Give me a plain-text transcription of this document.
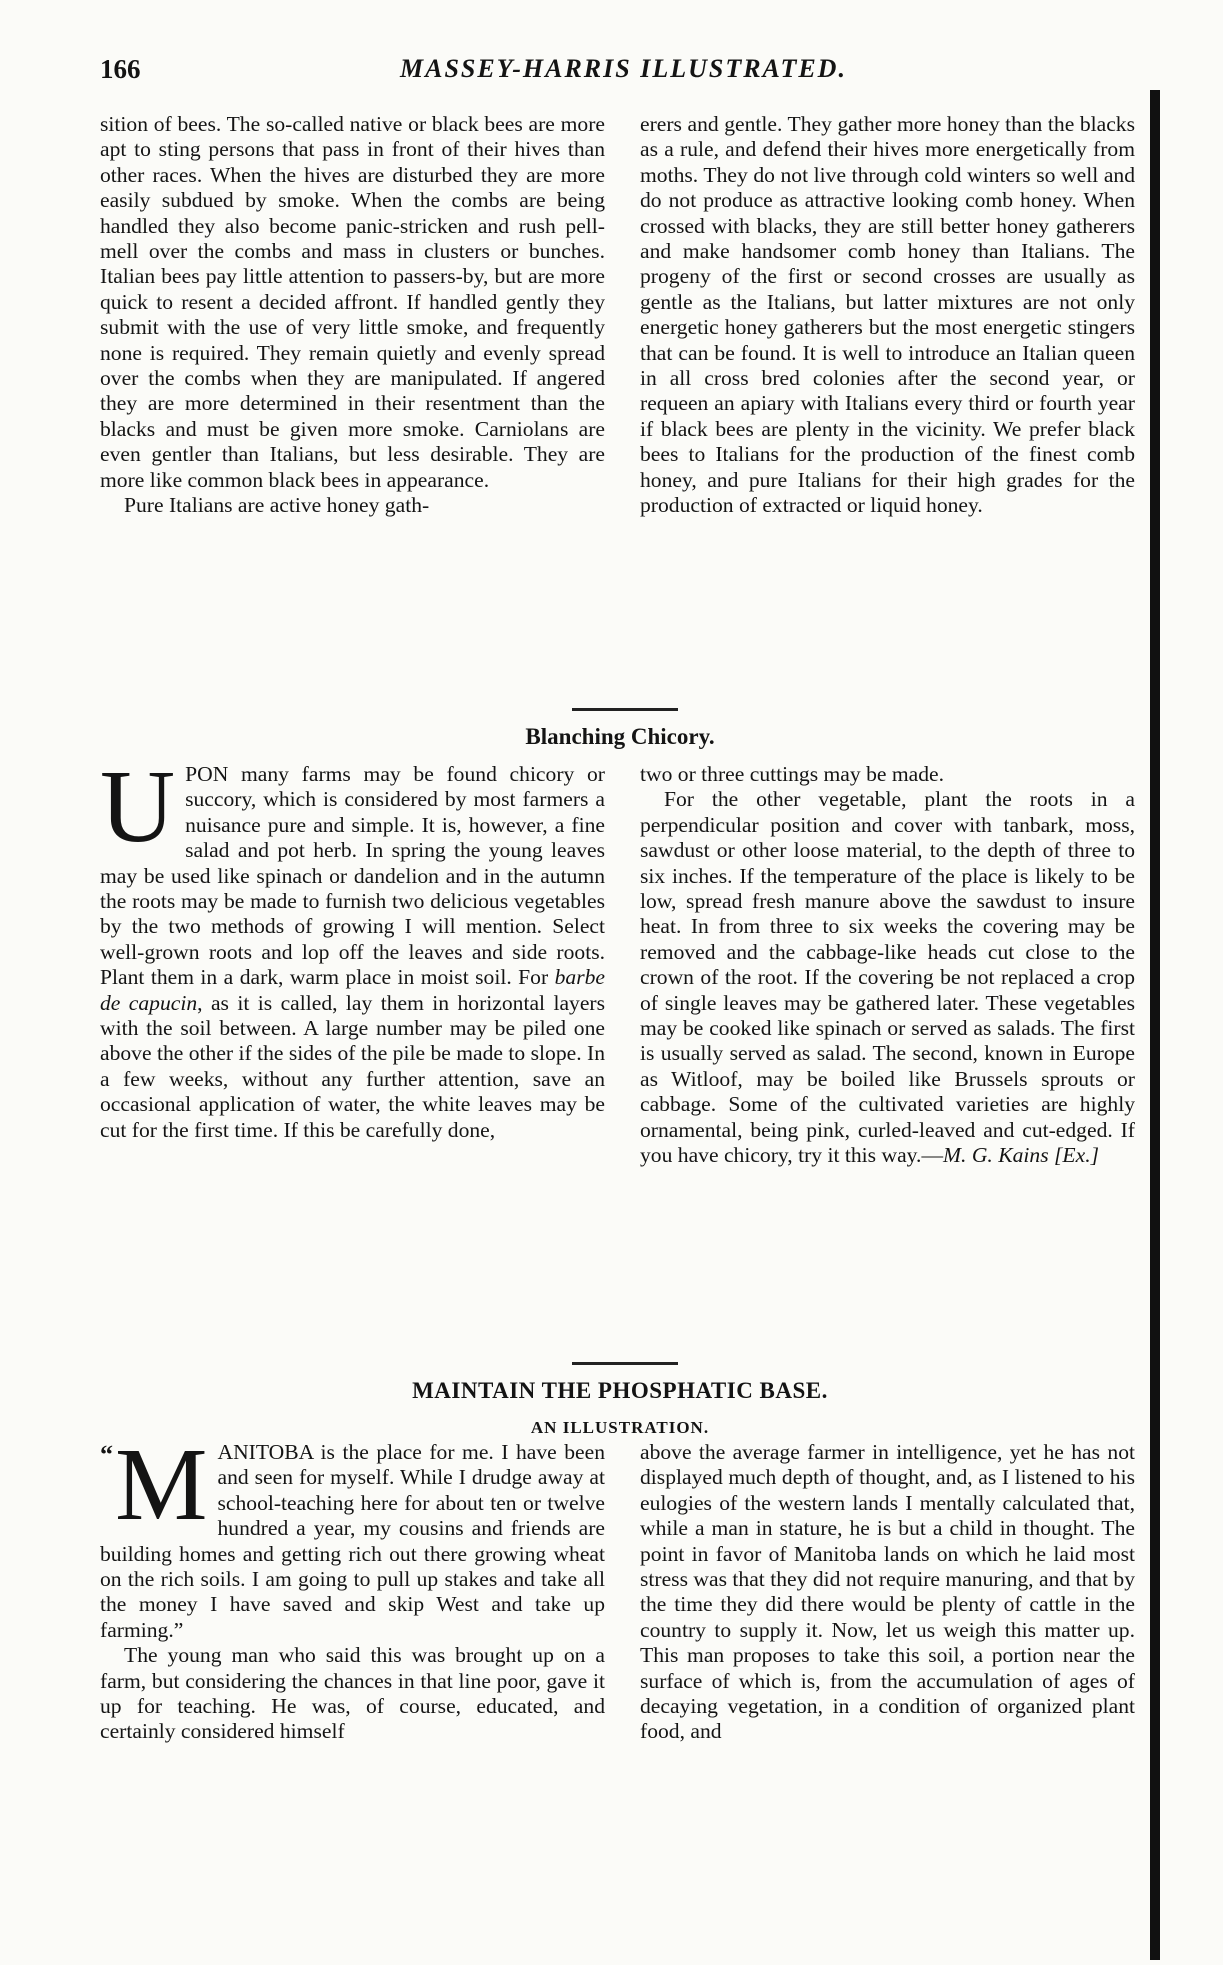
166	MASSEY-HARRIS ILLUSTRATED.

sition of bees. The so-called native or black bees are more apt to sting persons that pass in front of their hives than other races. When the hives are disturbed they are more easily subdued by smoke. When the combs are being handled they also become panic-stricken and rush pell-mell over the combs and mass in clusters or bunches. Italian bees pay little attention to passers-by, but are more quick to resent a decided affront. If handled gently they submit with the use of very little smoke, and frequently none is required. They remain quietly and evenly spread over the combs when they are manipulated. If angered they are more determined in their resentment than the blacks and must be given more smoke. Carniolans are even gentler than Italians, but less desirable. They are more like common black bees in appearance.

Pure Italians are active honey gath-

erers and gentle. They gather more honey than the blacks as a rule, and defend their hives more energetically from moths. They do not live through cold winters so well and do not produce as attractive looking comb honey. When crossed with blacks, they are still better honey gatherers and make handsomer comb honey than Italians. The progeny of the first or second crosses are usually as gentle as the Italians, but latter mixtures are not only energetic honey gatherers but the most energetic stingers that can be found. It is well to introduce an Italian queen in all cross bred colonies after the second year, or requeen an apiary with Italians every third or fourth year if black bees are plenty in the vicinity. We prefer black bees to Italians for the production of the finest comb honey, and pure Italians for their high grades for the production of extracted or liquid honey.

Blanching Chicory.

UPON many farms may be found chicory or succory, which is considered by most farmers a nuisance pure and simple. It is, however, a fine salad and pot herb. In spring the young leaves may be used like spinach or dandelion and in the autumn the roots may be made to furnish two delicious vegetables by the two methods of growing I will mention. Select well-grown roots and lop off the leaves and side roots. Plant them in a dark, warm place in moist soil. For barbe de capucin, as it is called, lay them in horizontal layers with the soil between. A large number may be piled one above the other if the sides of the pile be made to slope. In a few weeks, without any further attention, save an occasional application of water, the white leaves may be cut for the first time. If this be carefully done,

two or three cuttings may be made.

For the other vegetable, plant the roots in a perpendicular position and cover with tanbark, moss, sawdust or other loose material, to the depth of three to six inches. If the temperature of the place is likely to be low, spread fresh manure above the sawdust to insure heat. In from three to six weeks the covering may be removed and the cabbage-like heads cut close to the crown of the root. If the covering be not replaced a crop of single leaves may be gathered later. These vegetables may be cooked like spinach or served as salads. The first is usually served as salad. The second, known in Europe as Witloof, may be boiled like Brussels sprouts or cabbage. Some of the cultivated varieties are highly ornamental, being pink, curled-leaved and cut-edged. If you have chicory, try it this way.—M. G. Kains [Ex.]

MAINTAIN THE PHOSPHATIC BASE.
AN ILLUSTRATION.

“ M ANITOBA is the place for me. I have been and seen for myself. While I drudge away at school-teaching here for about ten or twelve hundred a year, my cousins and friends are building homes and getting rich out there growing wheat on the rich soils. I am going to pull up stakes and take all the money I have saved and skip West and take up farming.”

The young man who said this was brought up on a farm, but considering the chances in that line poor, gave it up for teaching. He was, of course, educated, and certainly considered himself

above the average farmer in intelligence, yet he has not displayed much depth of thought, and, as I listened to his eulogies of the western lands I mentally calculated that, while a man in stature, he is but a child in thought. The point in favor of Manitoba lands on which he laid most stress was that they did not require manuring, and that by the time they did there would be plenty of cattle in the country to supply it. Now, let us weigh this matter up. This man proposes to take this soil, a portion near the surface of which is, from the accumulation of ages of decaying vegetation, in a condition of organized plant food, and
